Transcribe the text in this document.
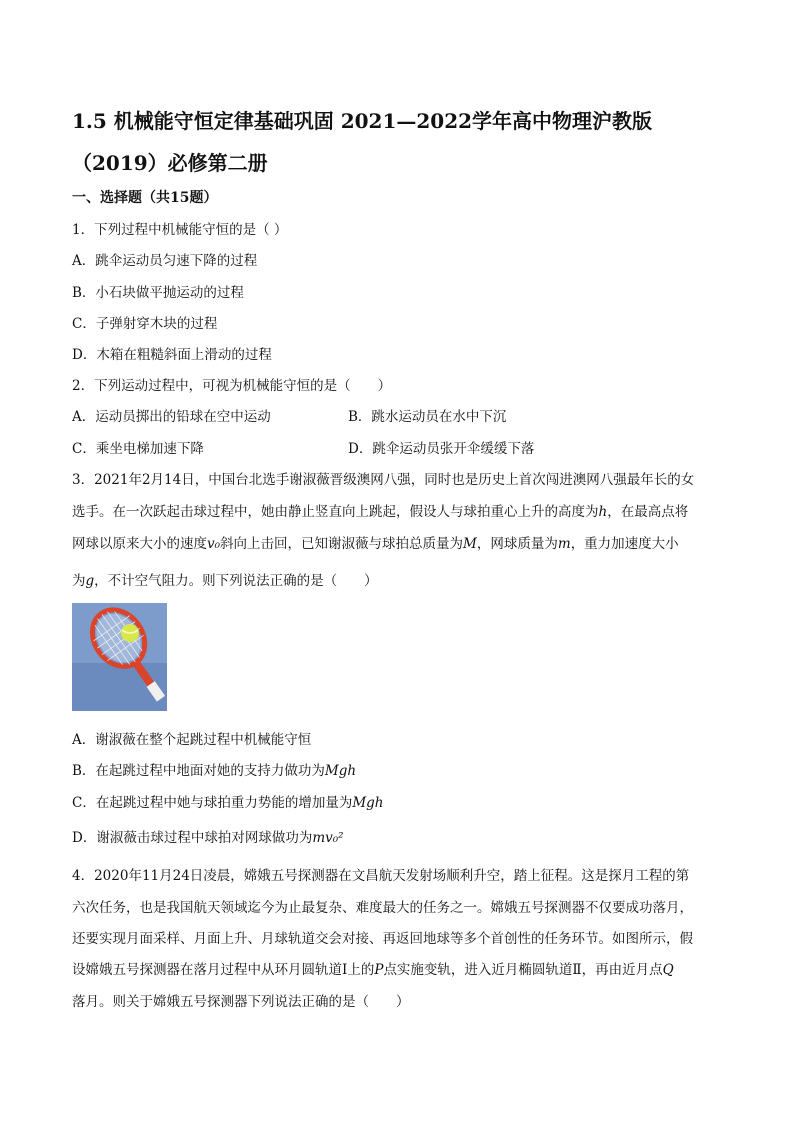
1.5 机械能守恒定律基础巩固 2021—2022学年高中物理沪教版
（2019）必修第二册
一、选择题（共15题）
1．下列过程中机械能守恒的是（ ）
A．跳伞运动员匀速下降的过程
B．小石块做平抛运动的过程
C．子弹射穿木块的过程
D．木箱在粗糙斜面上滑动的过程
2．下列运动过程中，可视为机械能守恒的是（　　）
A．运动员掷出的铅球在空中运动	B．跳水运动员在水中下沉
C．乘坐电梯加速下降	D．跳伞运动员张开伞缓缓下落
3．2021年2月14日，中国台北选手谢淑薇晋级澳网八强，同时也是历史上首次闯进澳网八强最年长的女
选手。在一次跃起击球过程中，她由静止竖直向上跳起，假设人与球拍重心上升的高度为h，在最高点将
网球以原来大小的速度v₀斜向上击回，已知谢淑薇与球拍总质量为M，网球质量为m，重力加速度大小
为g，不计空气阻力。则下列说法正确的是（　　）
A．谢淑薇在整个起跳过程中机械能守恒
B．在起跳过程中地面对她的支持力做功为Mgh
C．在起跳过程中她与球拍重力势能的增加量为Mgh
D．谢淑薇击球过程中球拍对网球做功为mv₀²
4．2020年11月24日凌晨，嫦娥五号探测器在文昌航天发射场顺利升空，踏上征程。这是探月工程的第
六次任务，也是我国航天领域迄今为止最复杂、难度最大的任务之一。嫦娥五号探测器不仅要成功落月，
还要实现月面采样、月面上升、月球轨道交会对接、再返回地球等多个首创性的任务环节。如图所示，假
设嫦娥五号探测器在落月过程中从环月圆轨道Ⅰ上的P点实施变轨，进入近月椭圆轨道Ⅱ，再由近月点Q
落月。则关于嫦娥五号探测器下列说法正确的是（　　）
